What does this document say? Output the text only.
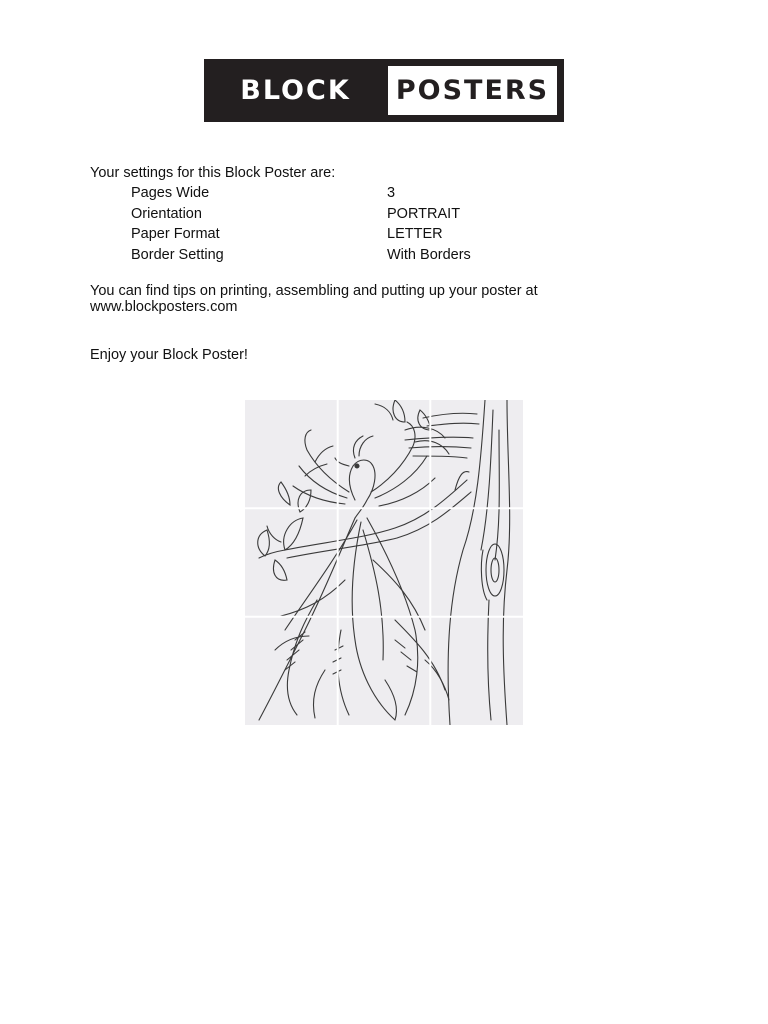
BLOCK	POSTERS
Your settings for this Block Poster are:
Pages Wide	3
Orientation	PORTRAIT
Paper Format	LETTER
Border Setting	With Borders
You can find tips on printing, assembling and putting up your poster at www.blockposters.com
Enjoy your Block Poster!
